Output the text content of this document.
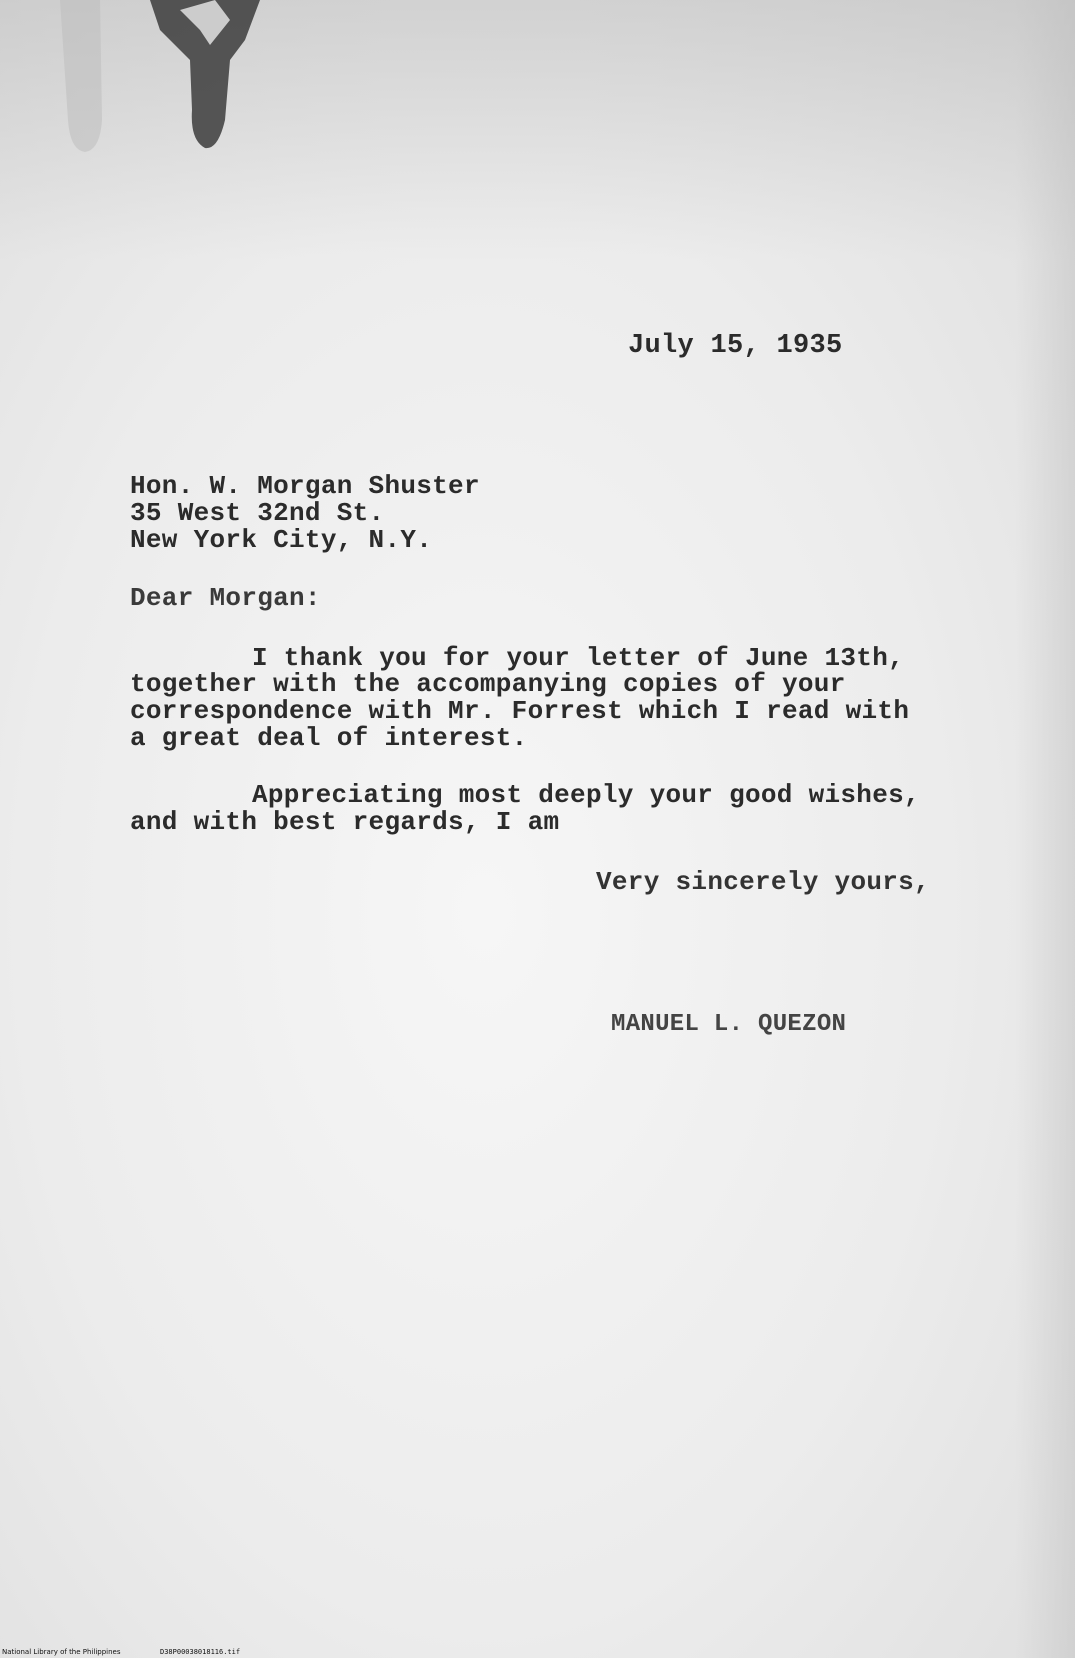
July 15, 1935
Hon. W. Morgan Shuster
35 West 32nd St.
New York City, N.Y.
Dear Morgan:
I thank you for your letter of June 13th,
together with the accompanying copies of your
correspondence with Mr. Forrest which I read with
a great deal of interest.
Appreciating most deeply your good wishes,
and with best regards, I am
Very sincerely yours,
MANUEL L. QUEZON
National Library of the Philippines	D38P00038018116.tif
